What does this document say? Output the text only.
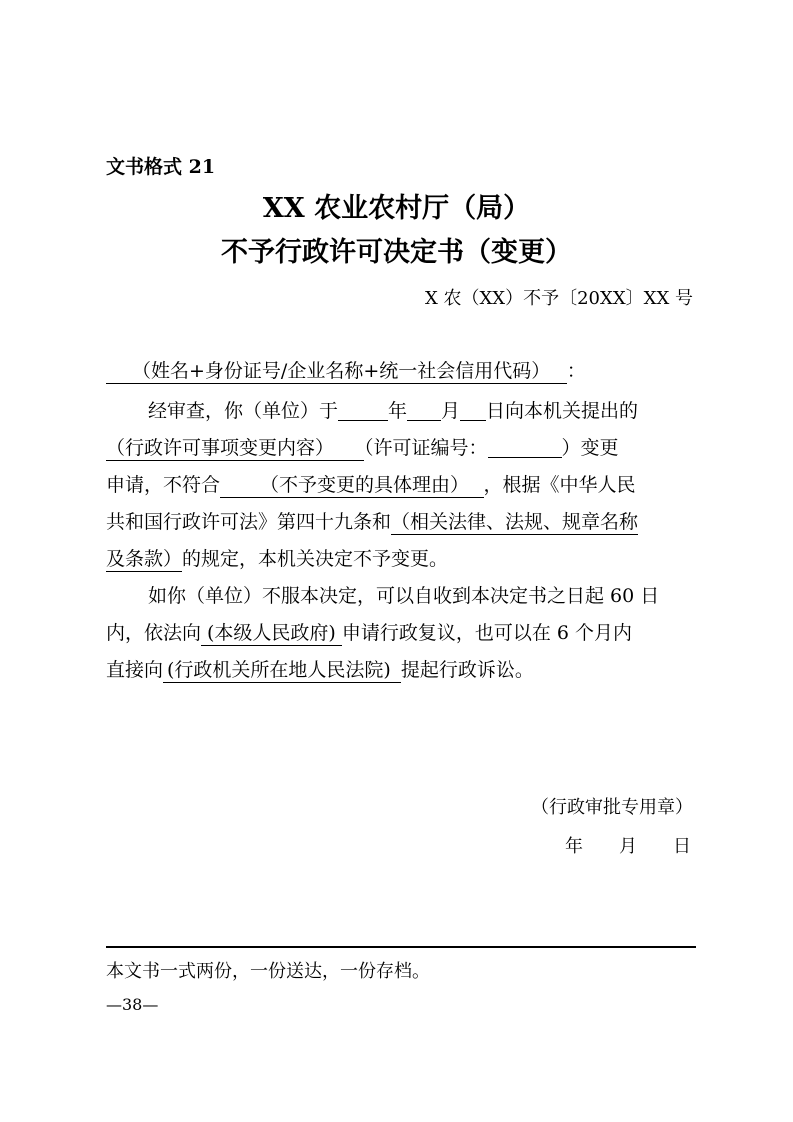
文书格式 21
XX 农业农村厅（局）
不予行政许可决定书（变更）
X 农（XX）不予〔20XX〕XX 号
（姓名+身份证号/企业名称+统一社会信用代码） ：
经审查，你（单位）于	年 月 日向本机关提出的
（行政许可事项变更内容） （许可证编号：	）变更
申请，不符合 （不予变更的具体理由） ，根据《中华人民
共和国行政许可法》第四十九条和（相关法律、法规、规章名称
及条款）的规定，本机关决定不予变更。
如你（单位）不服本决定，可以自收到本决定书之日起 60 日
内，依法向 (本级人民政府) 申请行政复议，也可以在 6 个月内
直接向 (行政机关所在地人民法院) 提起行政诉讼。
（行政审批专用章）
年 月 日
本文书一式两份，一份送达，一份存档。
—38—
